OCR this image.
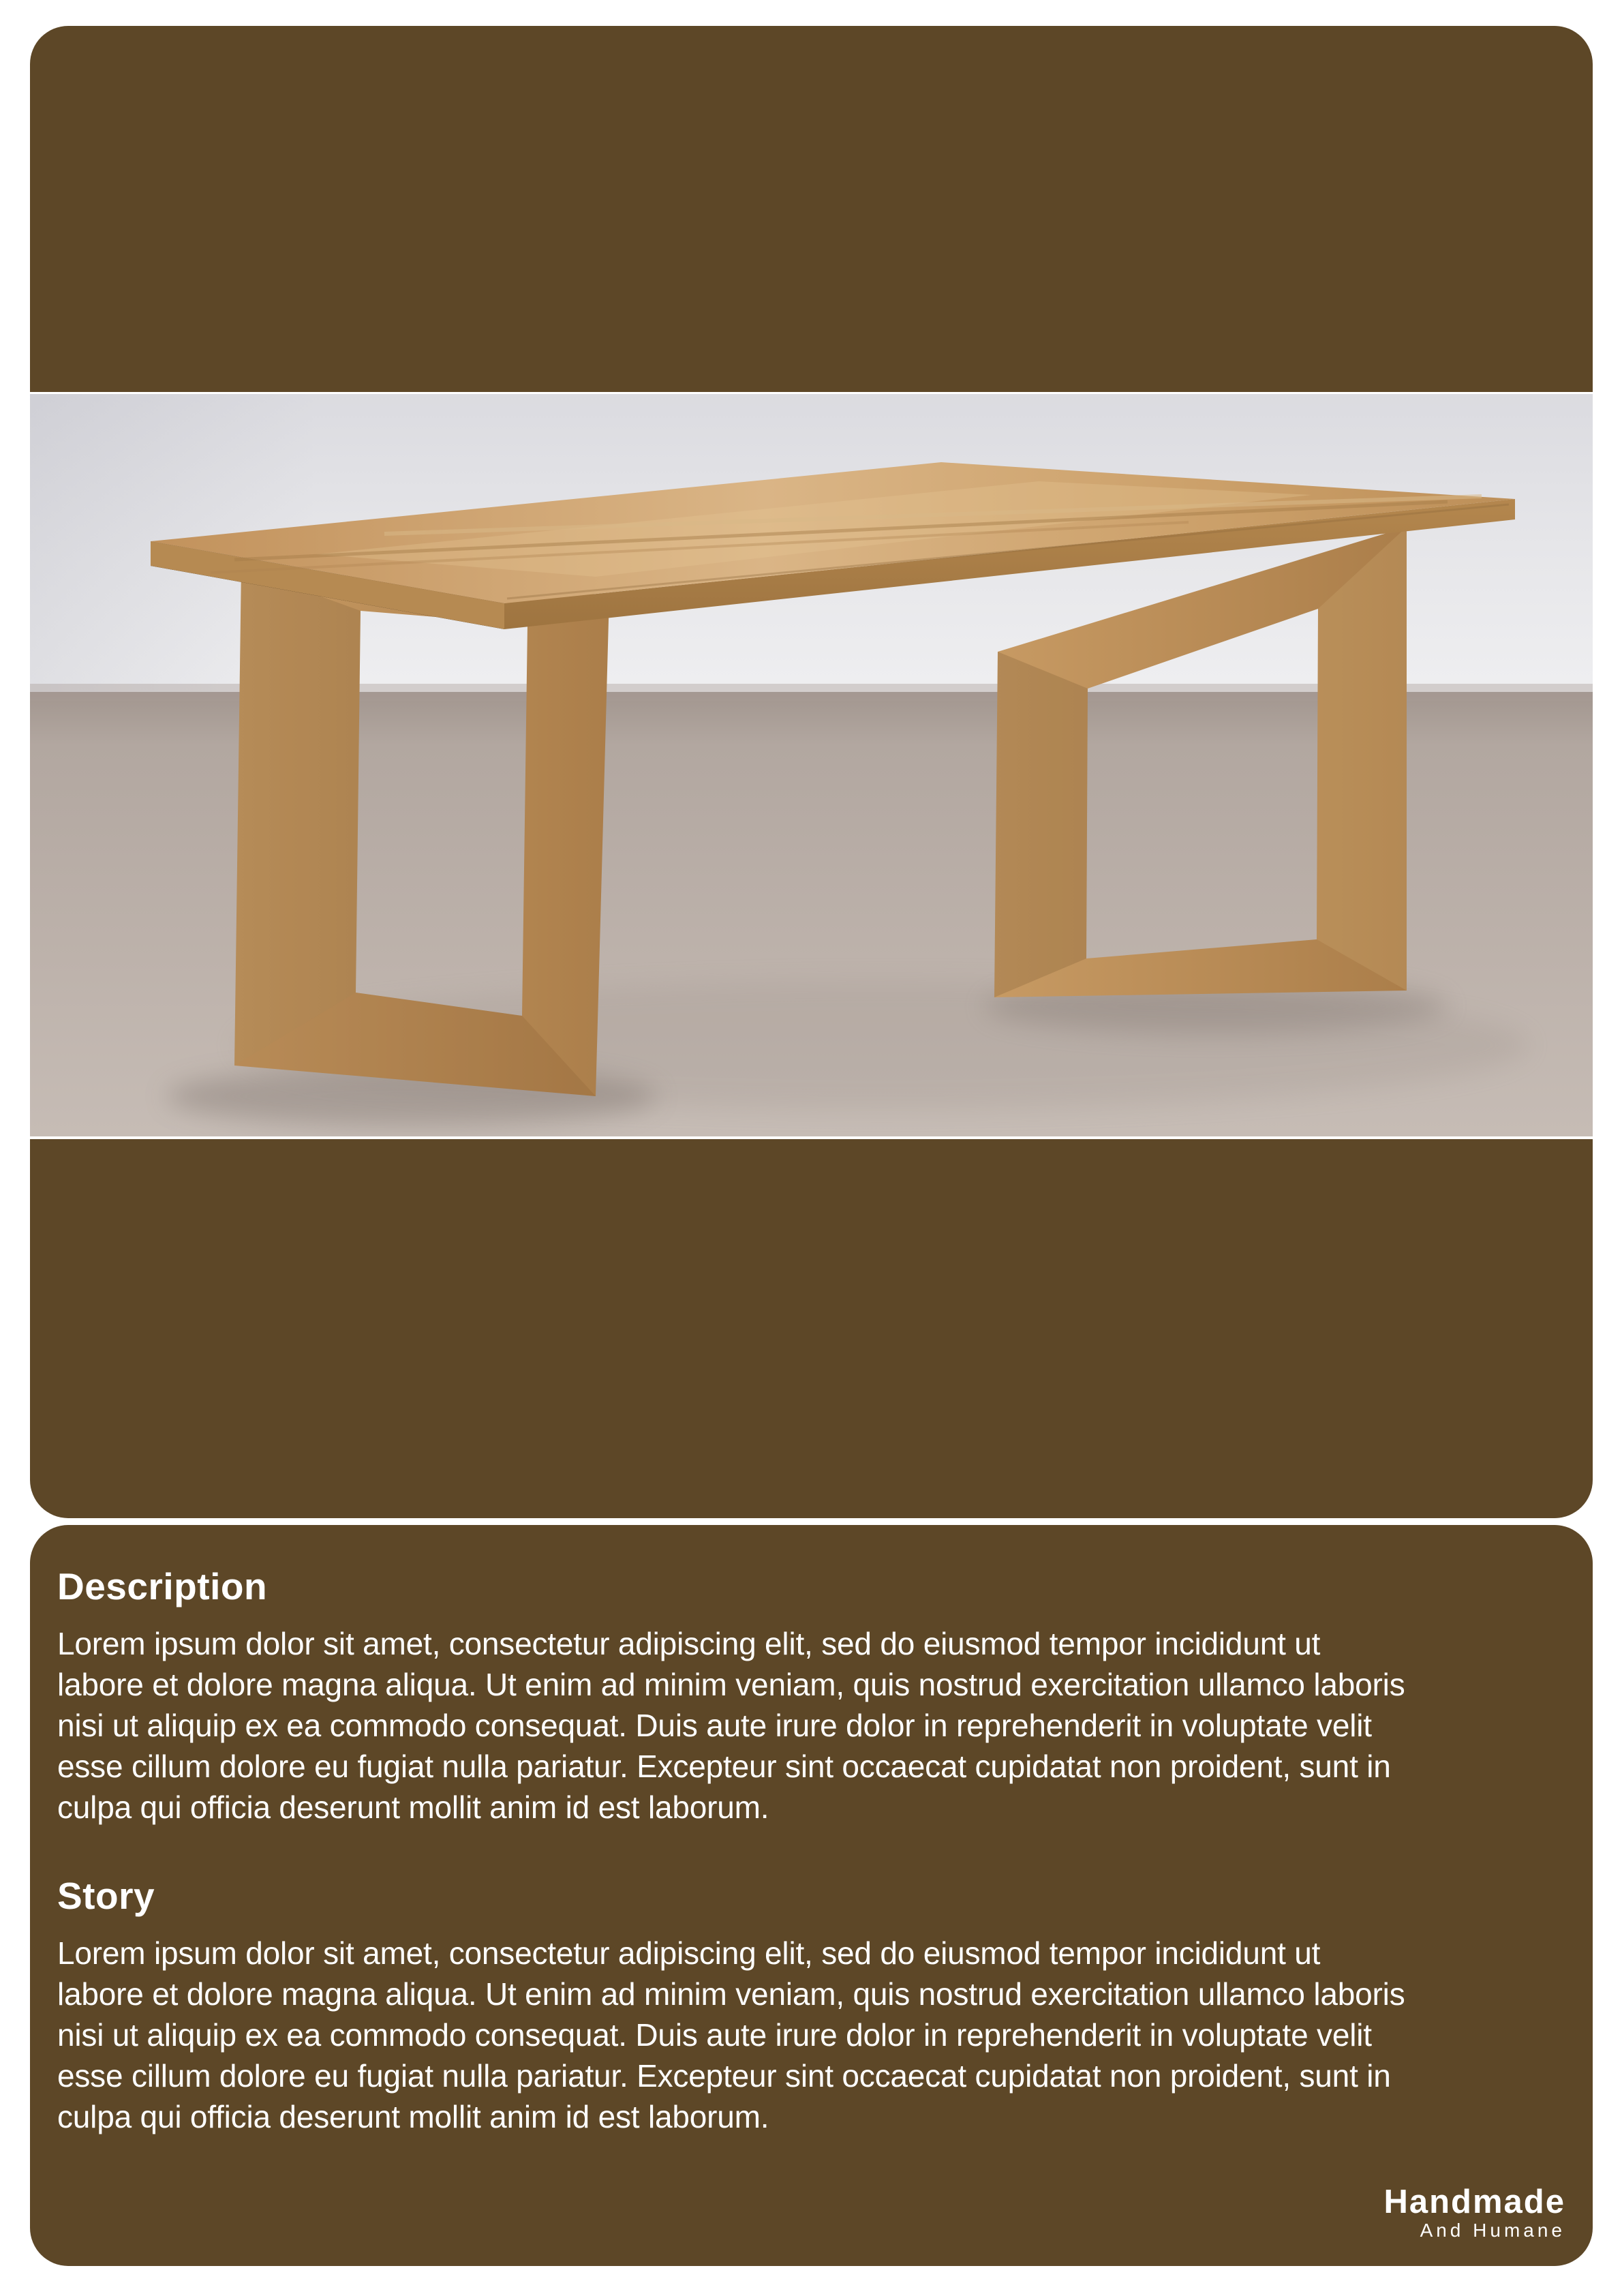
Description
Lorem ipsum dolor sit amet, consectetur adipiscing elit, sed do eiusmod tempor incididunt ut
labore et dolore magna aliqua. Ut enim ad minim veniam, quis nostrud exercitation ullamco laboris
nisi ut aliquip ex ea commodo consequat. Duis aute irure dolor in reprehenderit in voluptate velit
esse cillum dolore eu fugiat nulla pariatur. Excepteur sint occaecat cupidatat non proident, sunt in
culpa qui officia deserunt mollit anim id est laborum.
Story
Lorem ipsum dolor sit amet, consectetur adipiscing elit, sed do eiusmod tempor incididunt ut
labore et dolore magna aliqua. Ut enim ad minim veniam, quis nostrud exercitation ullamco laboris
nisi ut aliquip ex ea commodo consequat. Duis aute irure dolor in reprehenderit in voluptate velit
esse cillum dolore eu fugiat nulla pariatur. Excepteur sint occaecat cupidatat non proident, sunt in
culpa qui officia deserunt mollit anim id est laborum.
Handmade
And Humane
